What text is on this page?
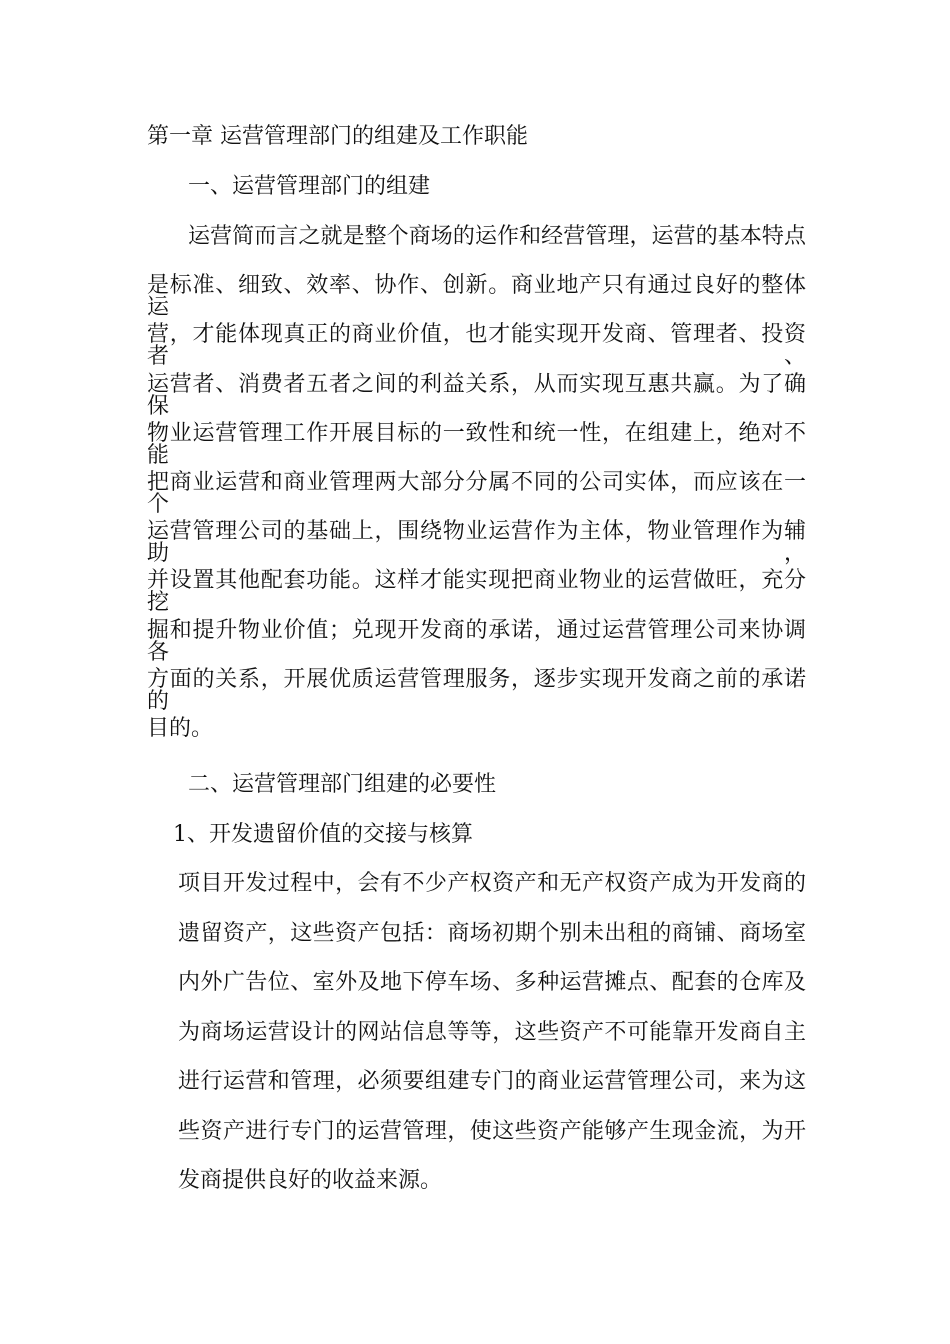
第一章 运营管理部门的组建及工作职能
一、运营管理部门的组建
运营简而言之就是整个商场的运作和经营管理，运营的基本特点
是标准、细致、效率、协作、创新。商业地产只有通过良好的整体运
营，才能体现真正的商业价值，也才能实现开发商、管理者、投资者、
运营者、消费者五者之间的利益关系，从而实现互惠共赢。为了确保
物业运营管理工作开展目标的一致性和统一性，在组建上，绝对不能
把商业运营和商业管理两大部分分属不同的公司实体，而应该在一个
运营管理公司的基础上，围绕物业运营作为主体，物业管理作为辅助，
并设置其他配套功能。这样才能实现把商业物业的运营做旺，充分挖
掘和提升物业价值；兑现开发商的承诺，通过运营管理公司来协调各
方面的关系，开展优质运营管理服务，逐步实现开发商之前的承诺的
目的。
二、运营管理部门组建的必要性
1、开发遗留价值的交接与核算
项目开发过程中，会有不少产权资产和无产权资产成为开发商的
遗留资产，这些资产包括：商场初期个别未出租的商铺、商场室
内外广告位、室外及地下停车场、多种运营摊点、配套的仓库及
为商场运营设计的网站信息等等，这些资产不可能靠开发商自主
进行运营和管理，必须要组建专门的商业运营管理公司，来为这
些资产进行专门的运营管理，使这些资产能够产生现金流，为开
发商提供良好的收益来源。
